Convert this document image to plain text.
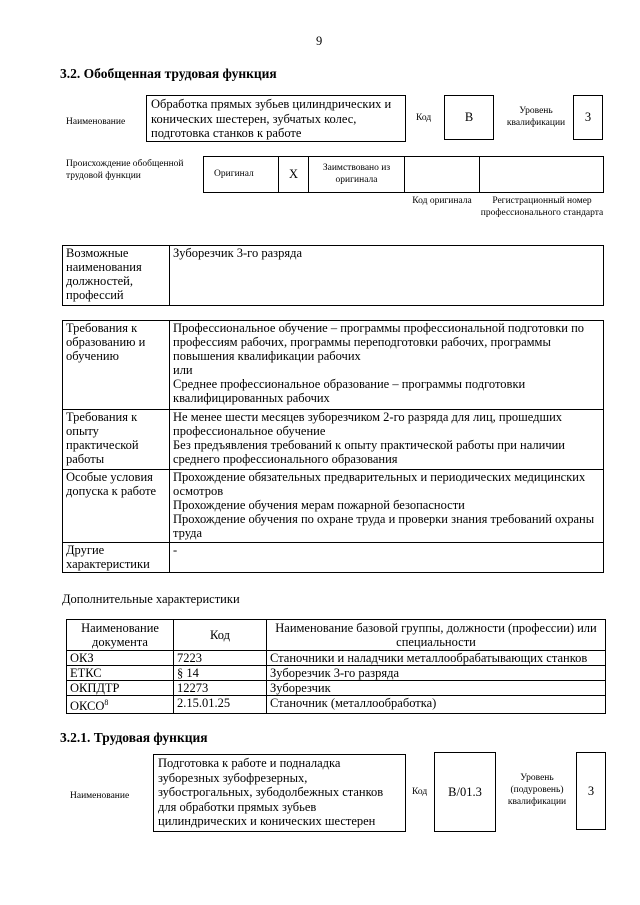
9
3.2. Обобщенная трудовая функция
Наименование
Обработка прямых зубьев цилиндрических и конических шестерен, зубчатых колес, подготовка станков к работе
Код	В	Уровень квалификации	3
Происхождение обобщенной трудовой функции	Оригинал	X	Заимствовано из оригинала
Код оригинала	Регистрационный номер профессионального стандарта
Возможные наименования должностей, профессий	Зуборезчик 3-го разряда
Требования к образованию и обучению	Профессиональное обучение – программы профессиональной подготовки по профессиям рабочих, программы переподготовки рабочих, программы повышения квалификации рабочих
или
Среднее профессиональное образование – программы подготовки квалифицированных рабочих
Требования к опыту практической работы	Не менее шести месяцев зуборезчиком 2-го разряда для лиц, прошедших профессиональное обучение
Без предъявления требований к опыту практической работы при наличии среднего профессионального образования
Особые условия допуска к работе	Прохождение обязательных предварительных и периодических медицинских осмотров
Прохождение обучения мерам пожарной безопасности
Прохождение обучения по охране труда и проверки знания требований охраны труда
Другие характеристики	-
Дополнительные характеристики
Наименование документа	Код	Наименование базовой группы, должности (профессии) или специальности
ОКЗ	7223	Станочники и наладчики металлообрабатывающих станков
ЕТКС	§ 14	Зуборезчик 3-го разряда
ОКПДТР	12273	Зуборезчик
ОКСО$^8$	2.15.01.25	Станочник (металлообработка)
3.2.1. Трудовая функция
Наименование
Подготовка к работе и подналадка зуборезных зубофрезерных, зубострогальных, зубодолбежных станков для обработки прямых зубьев цилиндрических и конических шестерен
Код	В/01.3
Уровень (подуровень) квалификации
3
